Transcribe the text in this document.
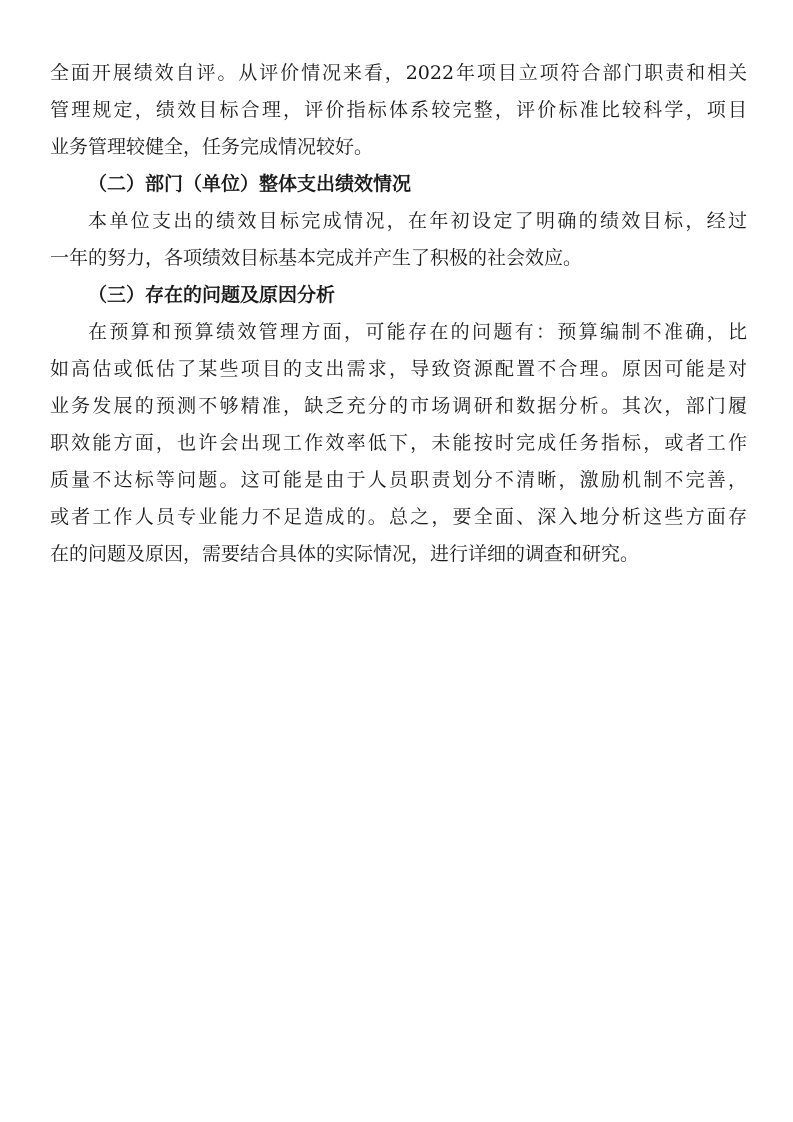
全面开展绩效自评。从评价情况来看，2022年项目立项符合部门职责和相关
管理规定，绩效目标合理，评价指标体系较完整，评价标准比较科学，项目
业务管理较健全，任务完成情况较好。
（二）部门（单位）整体支出绩效情况
本单位支出的绩效目标完成情况，在年初设定了明确的绩效目标，经过
一年的努力，各项绩效目标基本完成并产生了积极的社会效应。
（三）存在的问题及原因分析
在预算和预算绩效管理方面，可能存在的问题有：预算编制不准确，比
如高估或低估了某些项目的支出需求，导致资源配置不合理。原因可能是对
业务发展的预测不够精准，缺乏充分的市场调研和数据分析。其次，部门履
职效能方面，也许会出现工作效率低下，未能按时完成任务指标，或者工作
质量不达标等问题。这可能是由于人员职责划分不清晰，激励机制不完善，
或者工作人员专业能力不足造成的。总之，要全面、深入地分析这些方面存
在的问题及原因，需要结合具体的实际情况，进行详细的调查和研究。
